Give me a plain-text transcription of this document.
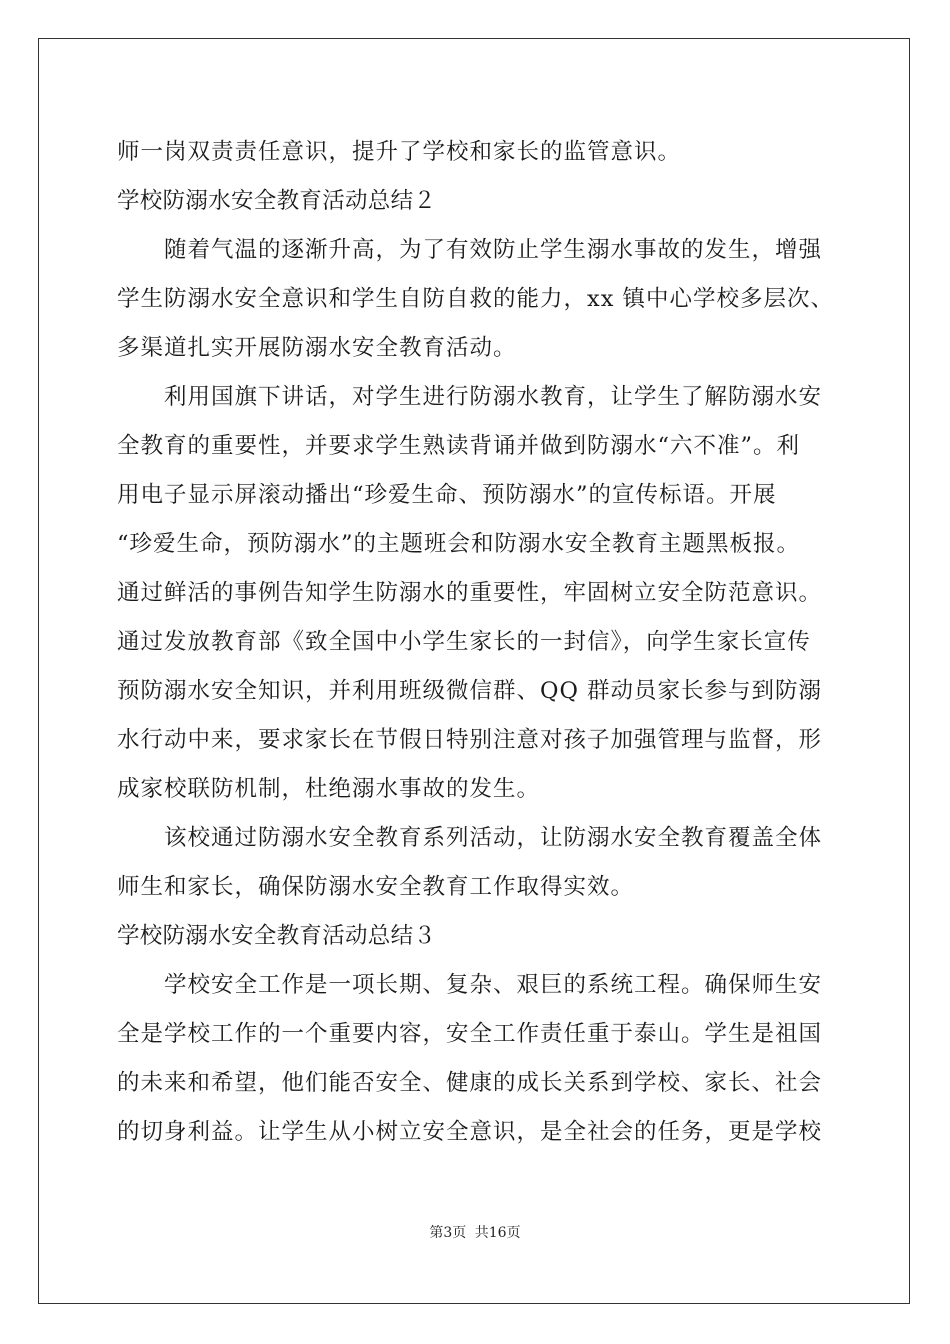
师一岗双责责任意识，提升了学校和家长的监管意识。
学校防溺水安全教育活动总结２
随着气温的逐渐升高，为了有效防止学生溺水事故的发生，增强
学生防溺水安全意识和学生自防自救的能力，xx 镇中心学校多层次、
多渠道扎实开展防溺水安全教育活动。
利用国旗下讲话，对学生进行防溺水教育，让学生了解防溺水安
全教育的重要性，并要求学生熟读背诵并做到防溺水“六不准”。利
用电子显示屏滚动播出“珍爱生命、预防溺水”的宣传标语。开展
“珍爱生命，预防溺水”的主题班会和防溺水安全教育主题黑板报。
通过鲜活的事例告知学生防溺水的重要性，牢固树立安全防范意识。
通过发放教育部《致全国中小学生家长的一封信》，向学生家长宣传
预防溺水安全知识，并利用班级微信群、QQ 群动员家长参与到防溺
水行动中来，要求家长在节假日特别注意对孩子加强管理与监督，形
成家校联防机制，杜绝溺水事故的发生。
该校通过防溺水安全教育系列活动，让防溺水安全教育覆盖全体
师生和家长，确保防溺水安全教育工作取得实效。
学校防溺水安全教育活动总结３
学校安全工作是一项长期、复杂、艰巨的系统工程。确保师生安
全是学校工作的一个重要内容，安全工作责任重于泰山。学生是祖国
的未来和希望，他们能否安全、健康的成长关系到学校、家长、社会
的切身利益。让学生从小树立安全意识，是全社会的任务，更是学校
第3页 共16页
